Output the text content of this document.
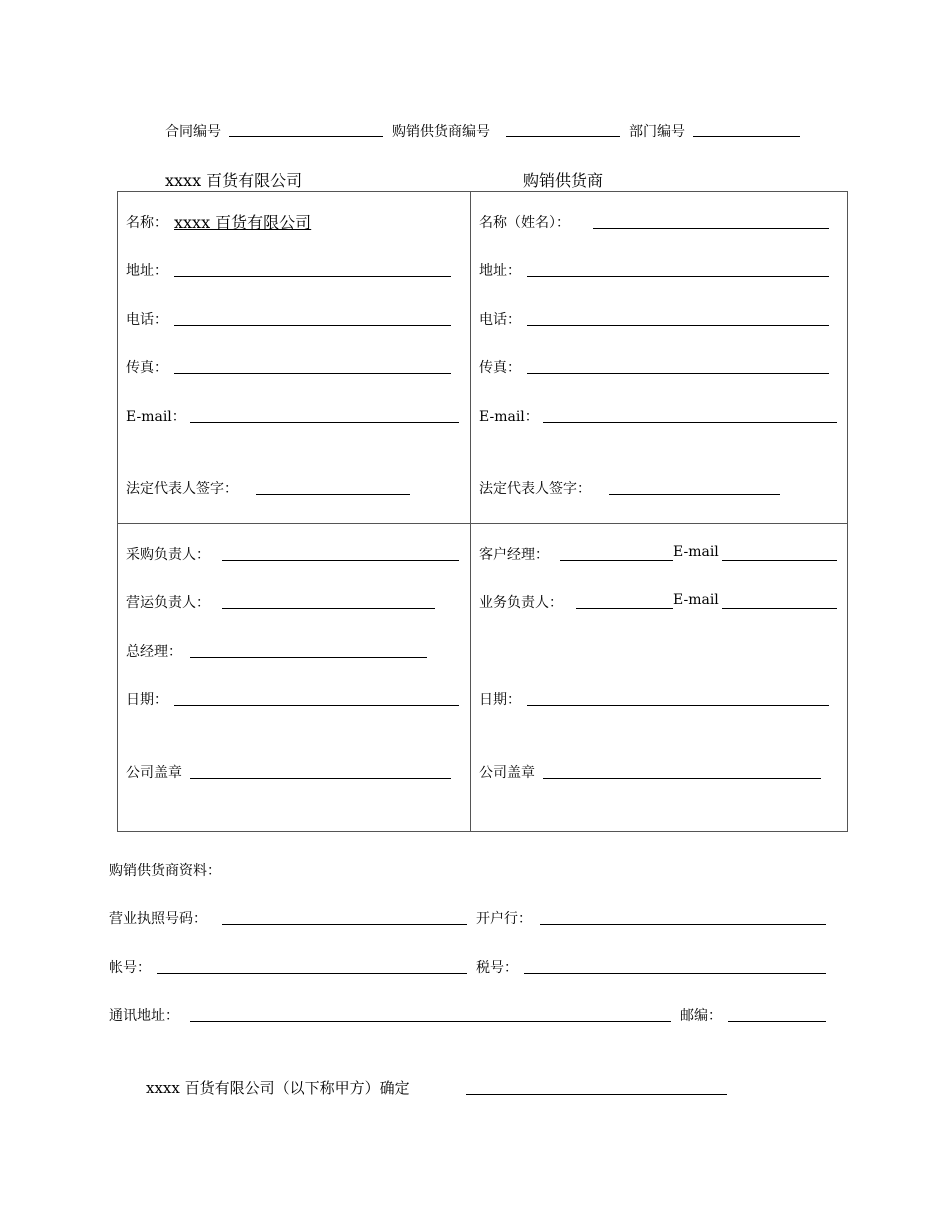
合同编号	购销供货商编号	部门编号
xxxx 百货有限公司	购销供货商
名称： xxxx 百货有限公司
地址：
电话：
传真：
E-mail：
法定代表人签字：
名称（姓名）：
地址：
电话：
传真：
E-mail：
法定代表人签字：
采购负责人：
营运负责人：
总经理：
日期：
公司盖章
客户经理：	E-mail
业务负责人：	E-mail
日期：
公司盖章
购销供货商资料：
营业执照号码：	开户行：
帐号：	税号：
通讯地址：	邮编：
xxxx 百货有限公司（以下称甲方）确定
